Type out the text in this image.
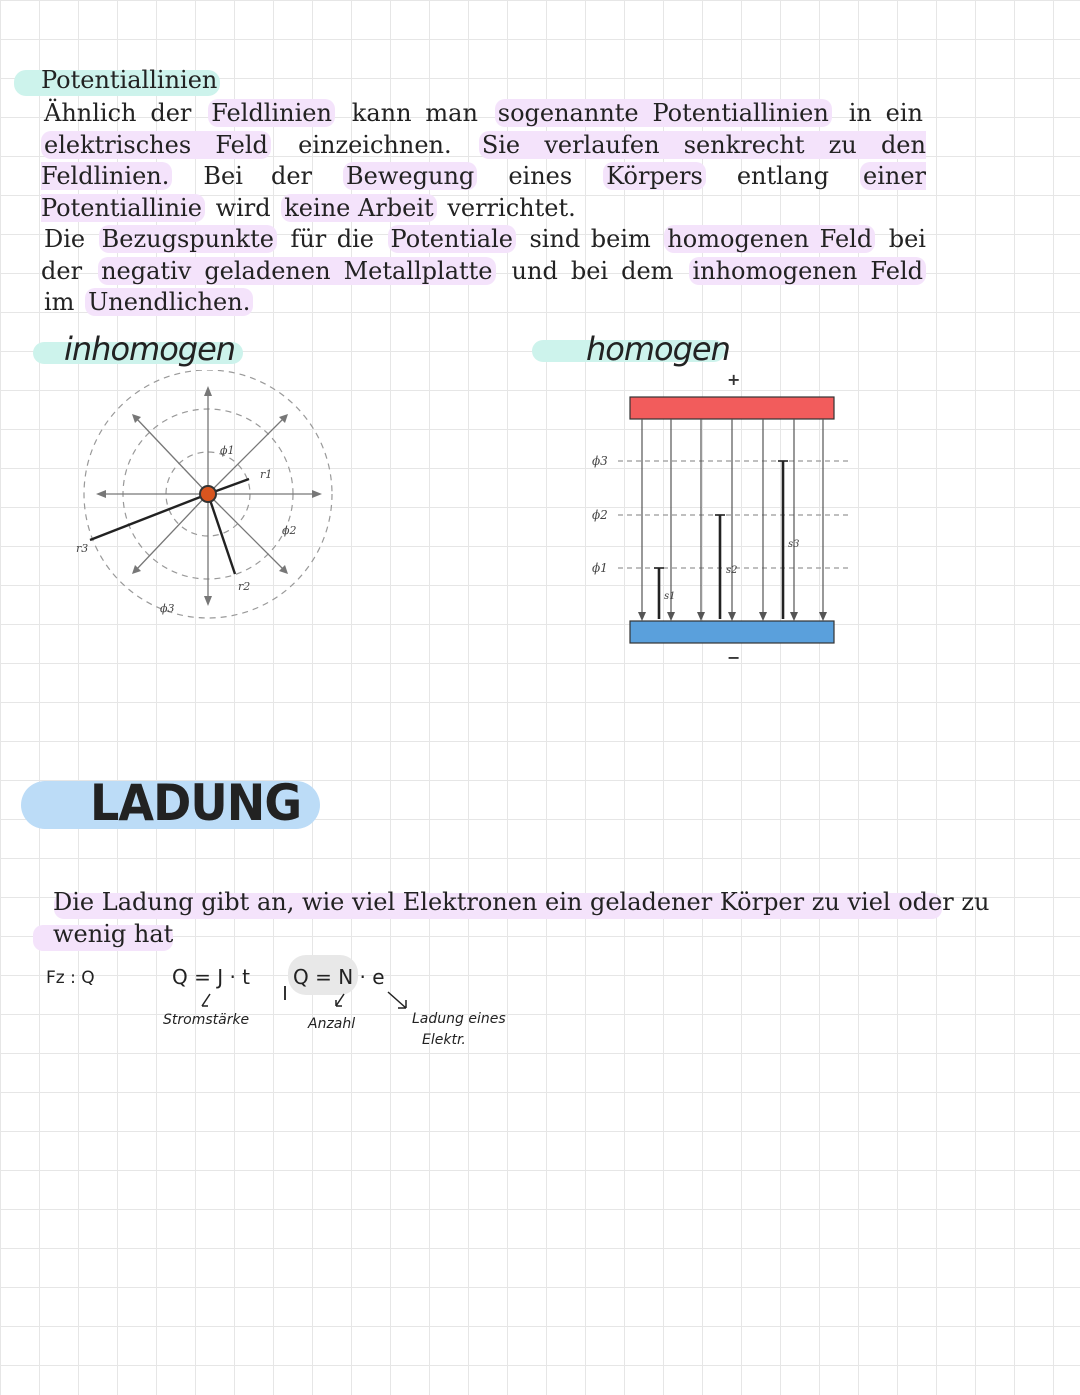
Potentiallinien

Ähnlich der Feldlinien kann man sogenannte Potentiallinien in ein elektrisches Feld einzeichnen. Sie verlaufen senkrecht zu den Feldlinien. Bei der Bewegung eines Körpers entlang einer Potentiallinie wird keine Arbeit verrichtet.

Die Bezugspunkte für die Potentiale sind beim homogenen Feld bei der negativ geladenen Metallplatte und bei dem inhomogenen Feld im Unendlichen.

inhomogen
ϕ1
ϕ2
ϕ3
r1
r2
r3
homogen
+
−
ϕ3
ϕ2
ϕ1
s1
s2
s3
LADUNG
Die Ladung gibt an, wie viel Elektronen ein geladener Körper zu viel oder zu
wenig hat
Fz : Q	Q = J · t
Stromstärke
Q = N · e
Anzahl	Ladung eines
Elektr.
